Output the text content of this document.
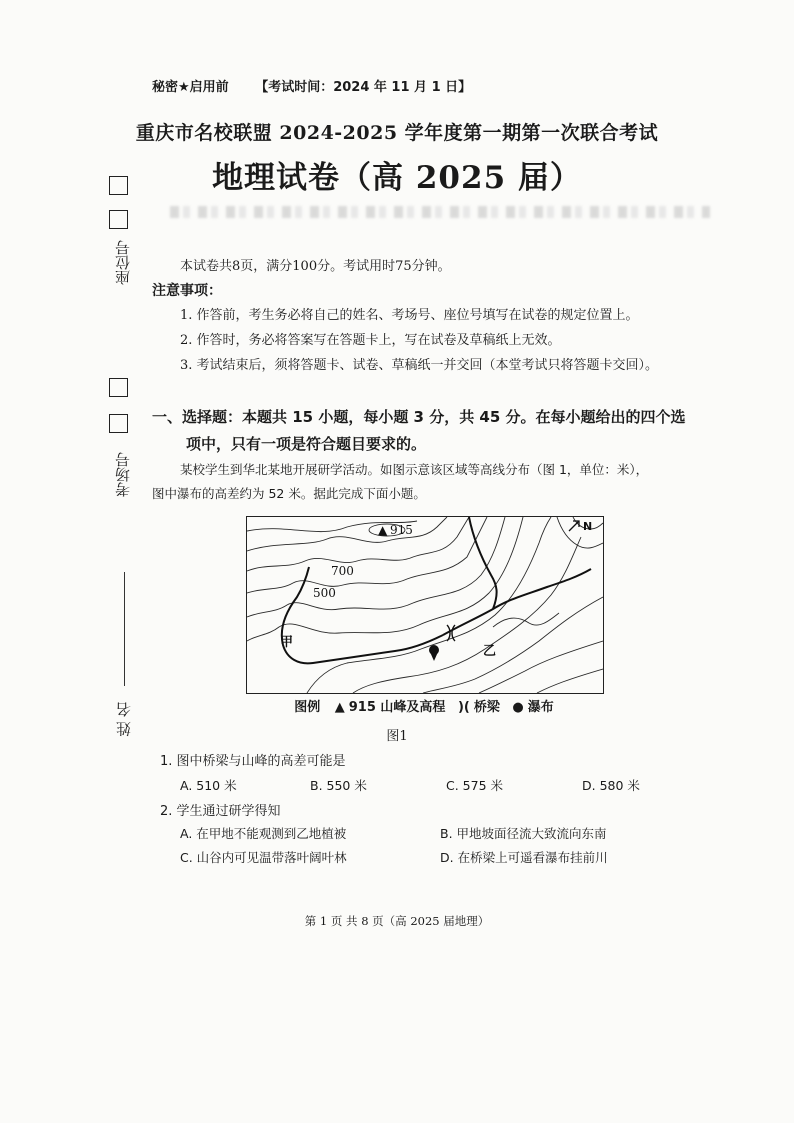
秘密★启用前 【考试时间：2024 年 11 月 1 日】
重庆市名校联盟 2024-2025 学年度第一期第一次联合考试
地理试卷（高 2025 届）
座位号
考场号
姓 名
本试卷共8页，满分100分。考试用时75分钟。
注意事项：
1. 作答前，考生务必将自己的姓名、考场号、座位号填写在试卷的规定位置上。
2. 作答时，务必将答案写在答题卡上，写在试卷及草稿纸上无效。
3. 考试结束后，须将答题卡、试卷、草稿纸一并交回（本堂考试只将答题卡交回）。
一、选择题：本题共 15 小题，每小题 3 分，共 45 分。在每小题给出的四个选
项中，只有一项是符合题目要求的。
某校学生到华北某地开展研学活动。如图示意该区域等高线分布（图 1，单位：米），
图中瀑布的高差约为 52 米。据此完成下面小题。
▲ 915
700
500
甲
乙
N
图例 ▲ 915 山峰及高程 )( 桥梁 ● 瀑布
图1
1. 图中桥梁与山峰的高差可能是
A. 510 米	B. 550 米	C. 575 米	D. 580 米
2. 学生通过研学得知
A. 在甲地不能观测到乙地植被	B. 甲地坡面径流大致流向东南
C. 山谷内可见温带落叶阔叶林	D. 在桥梁上可遥看瀑布挂前川
第 1 页 共 8 页（高 2025 届地理）
